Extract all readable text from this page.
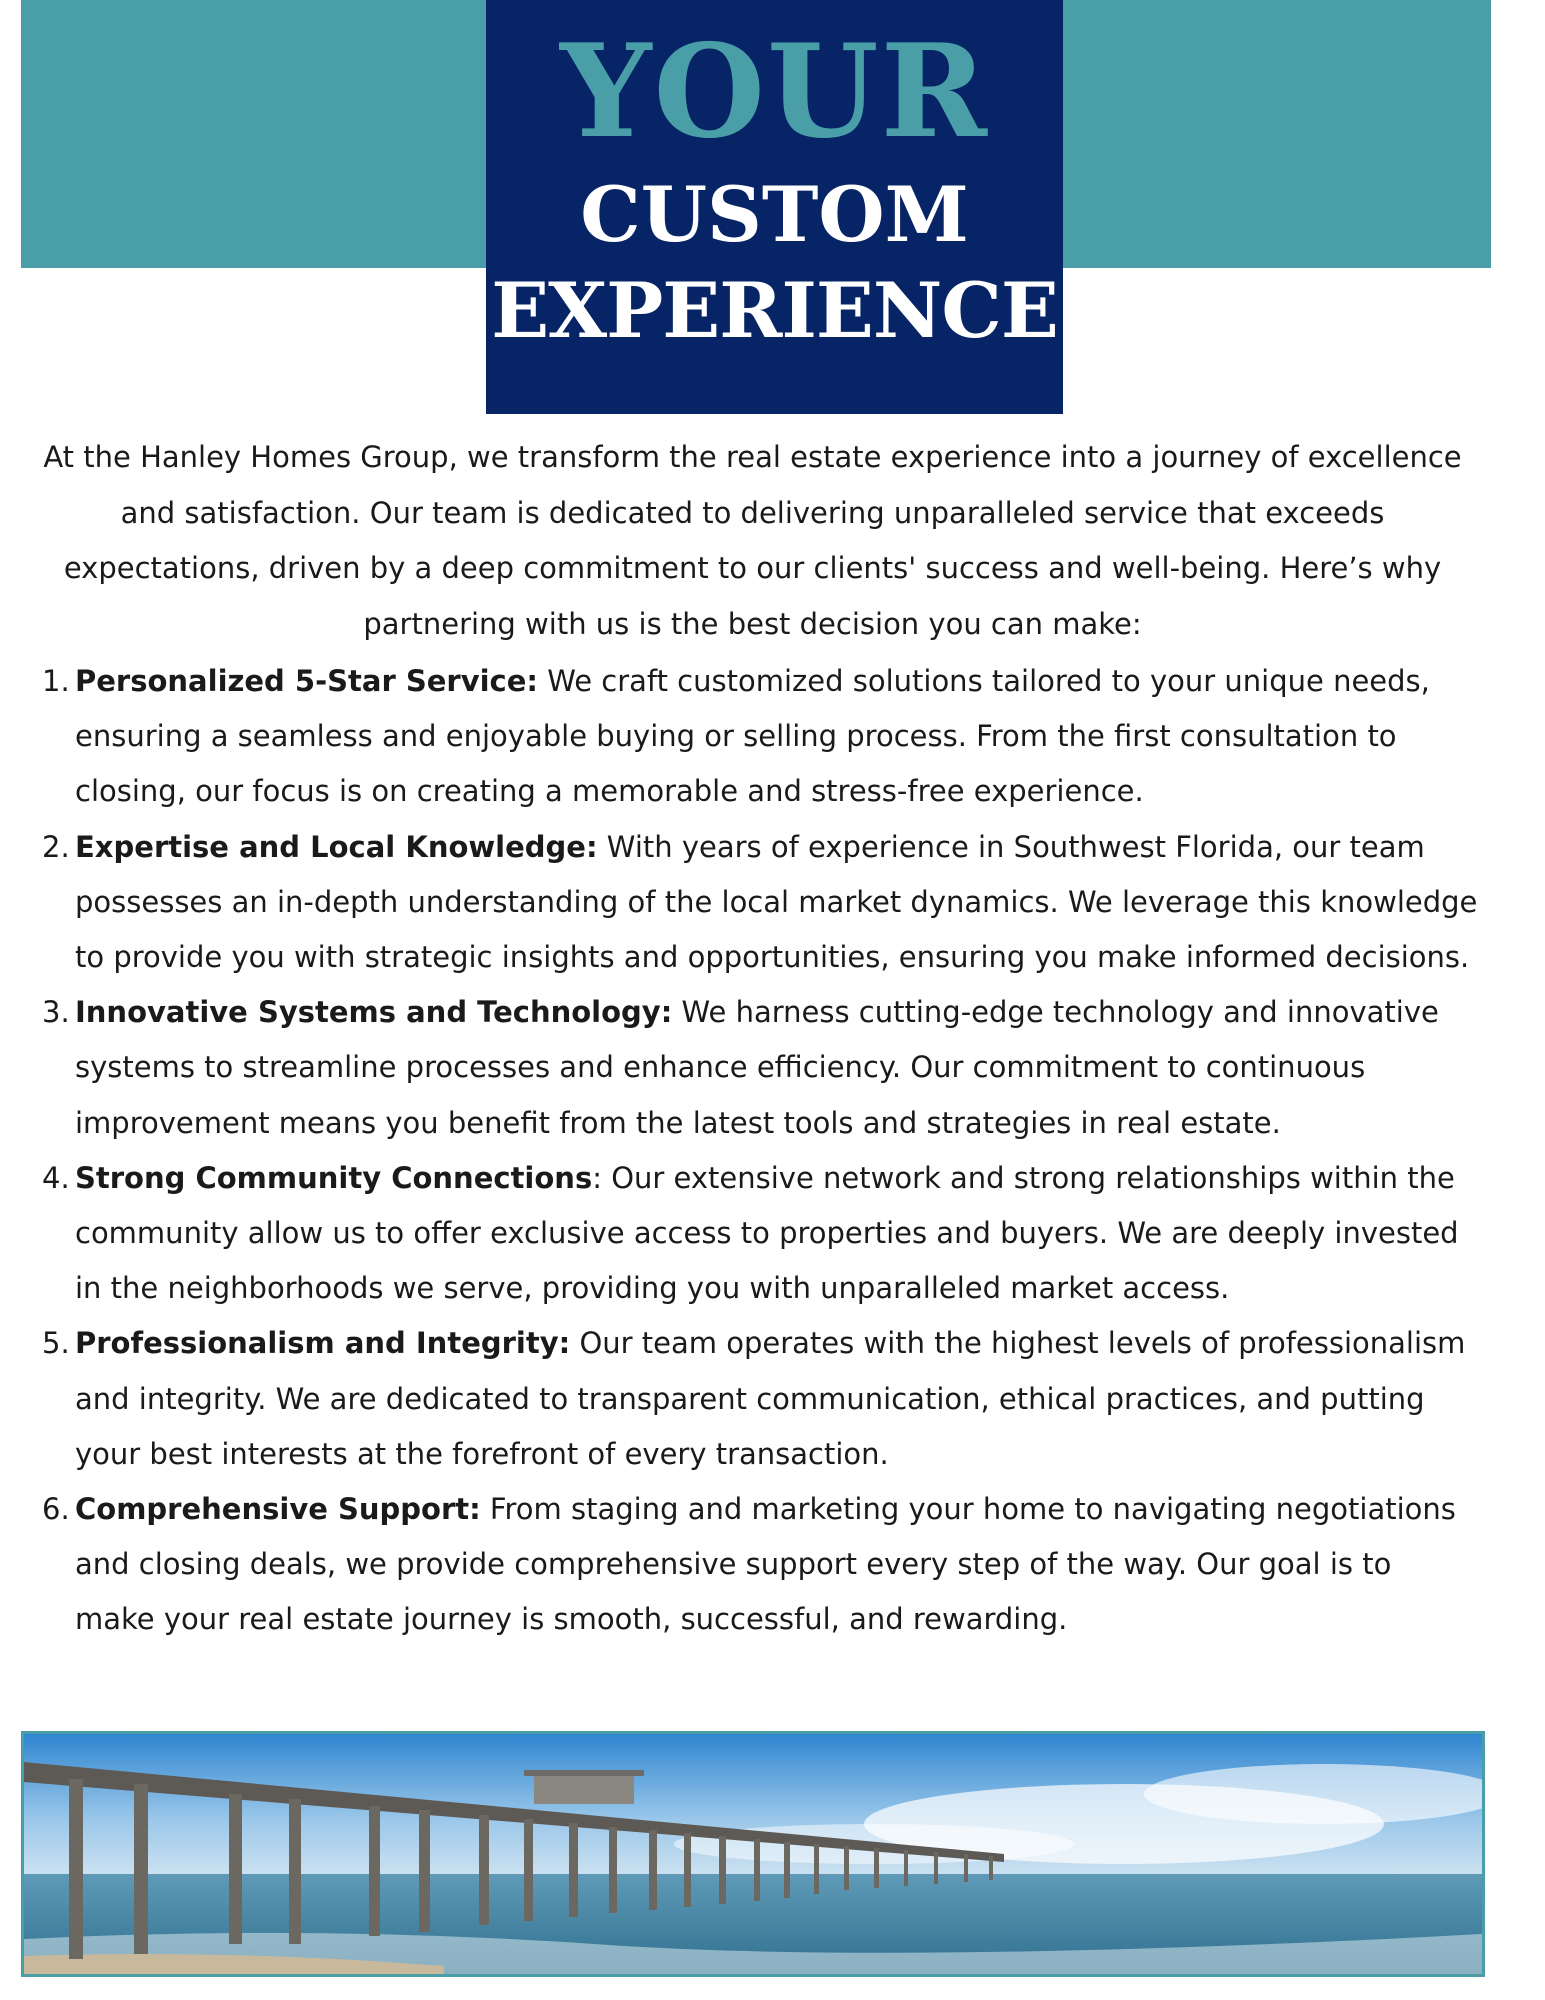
YOUR
CUSTOM
EXPERIENCE

At the Hanley Homes Group, we transform the real estate experience into a journey of excellence and satisfaction. Our team is dedicated to delivering unparalleled service that exceeds expectations, driven by a deep commitment to our clients' success and well-being. Here’s why partnering with us is the best decision you can make:

1. Personalized 5-Star Service: We craft customized solutions tailored to your unique needs, ensuring a seamless and enjoyable buying or selling process. From the first consultation to closing, our focus is on creating a memorable and stress-free experience.
2. Expertise and Local Knowledge: With years of experience in Southwest Florida, our team possesses an in-depth understanding of the local market dynamics. We leverage this knowledge to provide you with strategic insights and opportunities, ensuring you make informed decisions.
3. Innovative Systems and Technology: We harness cutting-edge technology and innovative systems to streamline processes and enhance efficiency. Our commitment to continuous improvement means you benefit from the latest tools and strategies in real estate.
4. Strong Community Connections: Our extensive network and strong relationships within the community allow us to offer exclusive access to properties and buyers. We are deeply invested in the neighborhoods we serve, providing you with unparalleled market access.
5. Professionalism and Integrity: Our team operates with the highest levels of professionalism and integrity. We are dedicated to transparent communication, ethical practices, and putting your best interests at the forefront of every transaction.
6. Comprehensive Support: From staging and marketing your home to navigating negotiations and closing deals, we provide comprehensive support every step of the way. Our goal is to make your real estate journey is smooth, successful, and rewarding.
